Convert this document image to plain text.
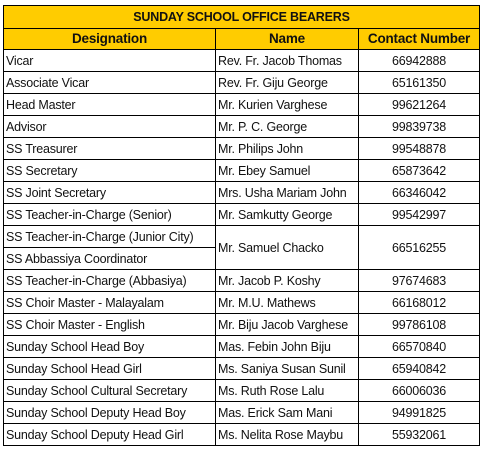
SUNDAY SCHOOL OFFICE BEARERS		
Designation	Name	Contact Number
Vicar	Rev. Fr. Jacob Thomas	66942888
Associate Vicar	Rev. Fr. Giju George	65161350
Head Master	Mr. Kurien Varghese	99621264
Advisor	Mr. P. C. George	99839738
SS Treasurer	Mr. Philips John	99548878
SS Secretary	Mr. Ebey Samuel	65873642
SS Joint Secretary	Mrs. Usha Mariam John	66346042
SS Teacher-in-Charge (Senior)	Mr. Samkutty George	99542997
SS Teacher-in-Charge (Junior City)	Mr. Samuel Chacko	66516255
SS Abbassiya Coordinator		
SS Teacher-in-Charge (Abbasiya)	Mr. Jacob P. Koshy	97674683
SS Choir Master - Malayalam	Mr. M.U. Mathews	66168012
SS Choir Master - English	Mr. Biju Jacob Varghese	99786108
Sunday School Head Boy	Mas. Febin John Biju	66570840
Sunday School Head Girl	Ms. Saniya Susan Sunil	65940842
Sunday School Cultural Secretary	Ms. Ruth Rose Lalu	66006036
Sunday School Deputy Head Boy	Mas. Erick Sam Mani	94991825
Sunday School Deputy Head Girl	Ms. Nelita Rose Maybu	55932061
